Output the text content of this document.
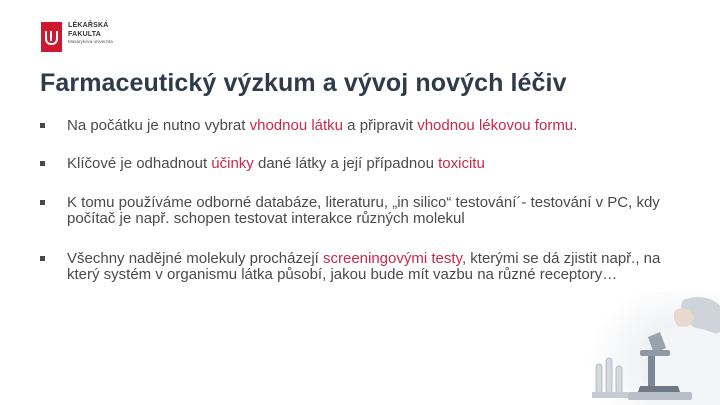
LÉKAŘSKÁ
FAKULTA
Masarykova univerzita
Farmaceutický výzkum a vývoj nových léčiv
Na počátku je nutno vybrat vhodnou látku a připravit vhodnou lékovou formu.
Klíčové je odhadnout účinky dané látky a její případnou toxicitu
K tomu používáme odborné databáze, literaturu, „in silico“ testování´- testování v PC, kdy počítač je např. schopen testovat interakce různých molekul
Všechny nadějné molekuly procházejí screeningovými testy, kterými se dá zjistit např., na který systém v organismu látka působí, jakou bude mít vazbu na různé receptory…
